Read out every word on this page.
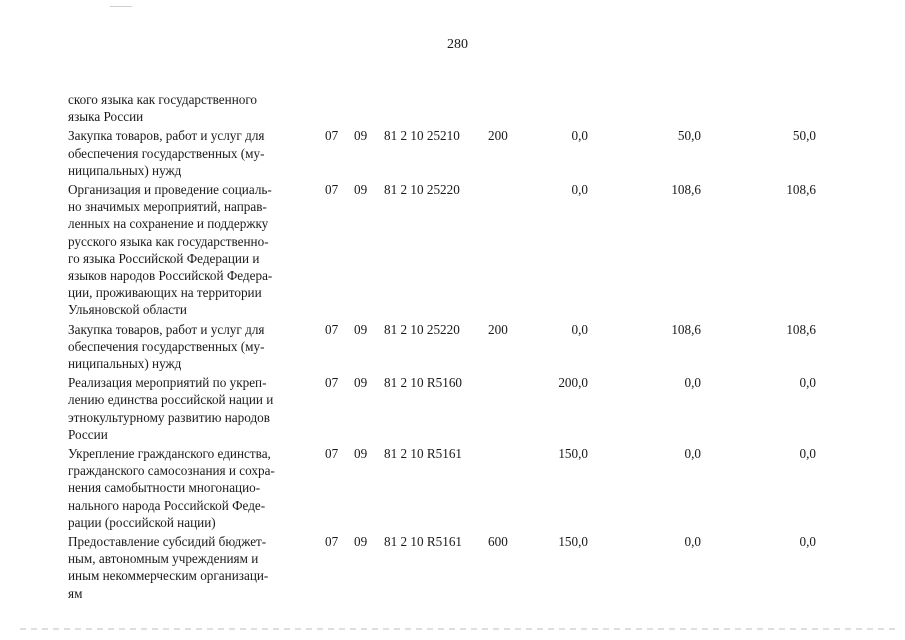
280
ского языка как государственного
языка России
Закупка товаров, работ и услуг для
обеспечения государственных (му-
ниципальных) нужд
07 09 81 2 10 25210 200	0,0	50,0	50,0
Организация и проведение социаль-
но значимых мероприятий, направ-
ленных на сохранение и поддержку
русского языка как государственно-
го языка Российской Федерации и
языков народов Российской Федера-
ции, проживающих на территории
Ульяновской области
07 09 81 2 10 25220	0,0	108,6	108,6
Закупка товаров, работ и услуг для
обеспечения государственных (му-
ниципальных) нужд
07 09 81 2 10 25220 200	0,0	108,6	108,6
Реализация мероприятий по укреп-
лению единства российской нации и
этнокультурному развитию народов
России
07 09 81 2 10 R5160	200,0	0,0	0,0
Укрепление гражданского единства,
гражданского самосознания и сохра-
нения самобытности многонацио-
нального народа Российской Феде-
рации (российской нации)
07 09 81 2 10 R5161	150,0	0,0	0,0
Предоставление субсидий бюджет-
ным, автономным учреждениям и
иным некоммерческим организаци-
ям
07 09 81 2 10 R5161 600	150,0	0,0	0,0
